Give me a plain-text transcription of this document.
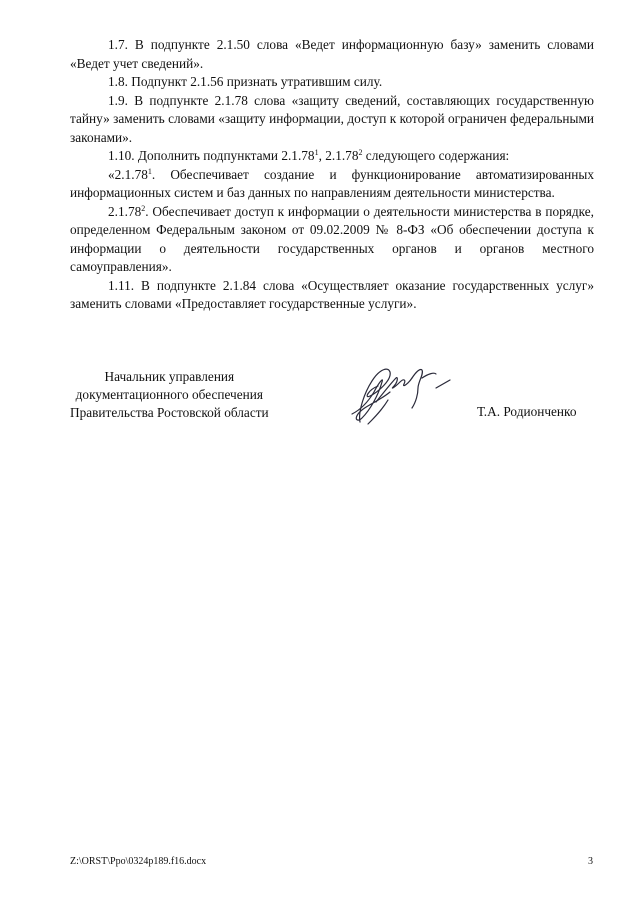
1.7. В подпункте 2.1.50 слова «Ведет информационную базу» заменить словами «Ведет учет сведений».

1.8. Подпункт 2.1.56 признать утратившим силу.

1.9. В подпункте 2.1.78 слова «защиту сведений, составляющих государственную тайну» заменить словами «защиту информации, доступ к которой ограничен федеральными законами».

1.10. Дополнить подпунктами 2.1.78$^1$, 2.1.78$^2$ следующего содержания:

«2.1.78$^1$. Обеспечивает создание и функционирование автоматизированных информационных систем и баз данных по направлениям деятельности министерства.

2.1.78$^2$. Обеспечивает доступ к информации о деятельности министерства в порядке, определенном Федеральным законом от 09.02.2009 № 8-ФЗ «Об обеспечении доступа к информации о деятельности государственных органов и органов местного самоуправления».

1.11. В подпункте 2.1.84 слова «Осуществляет оказание государственных услуг» заменить словами «Предоставляет государственные услуги».

Начальник управления
документационного обеспечения
Правительства Ростовской области	Т.А. Родионченко
Z:\ORST\Ppo\0324p189.f16.docx	3
